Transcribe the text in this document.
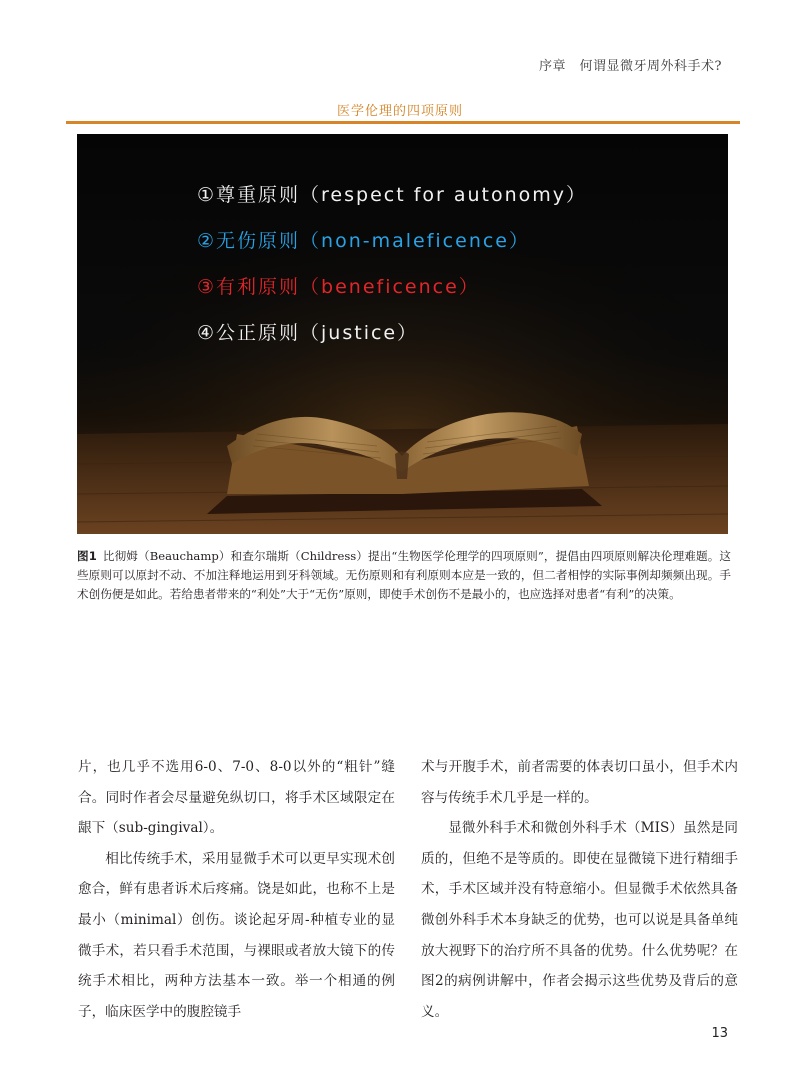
序章　何谓显微牙周外科手术?
医学伦理的四项原则
①尊重原则（respect for autonomy）
②无伤原则（non-maleficence）
③有利原则（beneficence）
④公正原则（justice）
图1 比彻姆（Beauchamp）和查尔瑞斯（Childress）提出“生物医学伦理学的四项原则”，提倡由四项原则解决伦理难题。这些原则可以原封不动、不加注释地运用到牙科领域。无伤原则和有利原则本应是一致的，但二者相悖的实际事例却频频出现。手术创伤便是如此。若给患者带来的“利处”大于“无伤”原则，即使手术创伤不是最小的，也应选择对患者“有利”的决策。

片，也几乎不选用6-0、7-0、8-0以外的“粗针”缝合。同时作者会尽量避免纵切口，将手术区域限定在龈下（sub-gingival）。

相比传统手术，采用显微手术可以更早实现术创愈合，鲜有患者诉术后疼痛。饶是如此，也称不上是最小（minimal）创伤。谈论起牙周-种植专业的显微手术，若只看手术范围，与裸眼或者放大镜下的传统手术相比，两种方法基本一致。举一个相通的例子，临床医学中的腹腔镜手

术与开腹手术，前者需要的体表切口虽小，但手术内容与传统手术几乎是一样的。

显微外科手术和微创外科手术（MIS）虽然是同质的，但绝不是等质的。即使在显微镜下进行精细手术，手术区域并没有特意缩小。但显微手术依然具备微创外科手术本身缺乏的优势，也可以说是具备单纯放大视野下的治疗所不具备的优势。什么优势呢？在图2的病例讲解中，作者会揭示这些优势及背后的意义。

13
